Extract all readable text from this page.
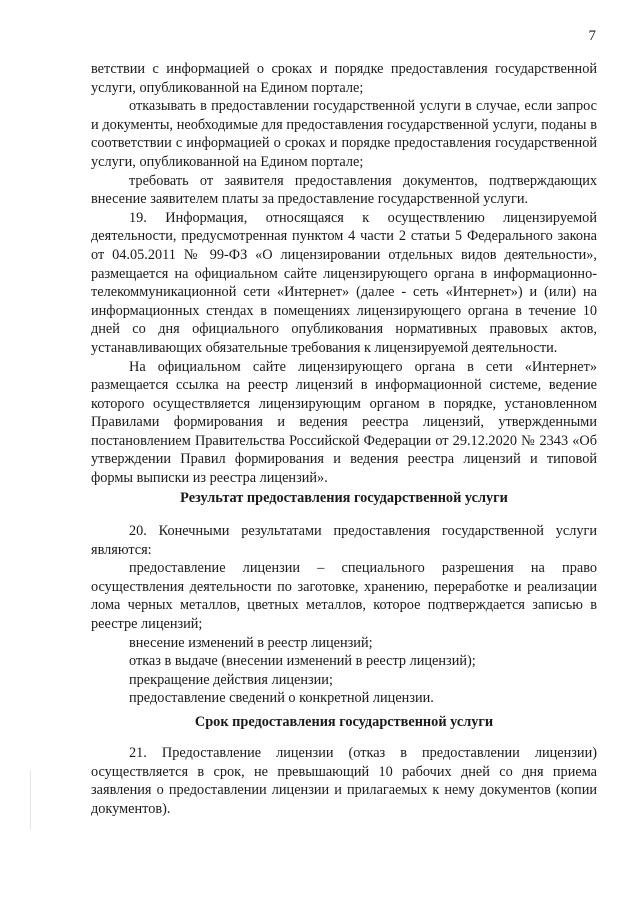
7

ветствии с информацией о сроках и порядке предоставления государственной услуги, опубликованной на Едином портале;

отказывать в предоставлении государственной услуги в случае, если запрос и документы, необходимые для предоставления государственной услуги, поданы в соответствии с информацией о сроках и порядке предоставления государственной услуги, опубликованной на Едином портале;

требовать от заявителя предоставления документов, подтверждающих внесение заявителем платы за предоставление государственной услуги.

19. Информация, относящаяся к осуществлению лицензируемой деятельности, предусмотренная пунктом 4 части 2 статьи 5 Федерального закона от 04.05.2011 № 99-ФЗ «О лицензировании отдельных видов деятельности», размещается на официальном сайте лицензирующего органа в информационно-телекоммуникационной сети «Интернет» (далее - сеть «Интернет») и (или) на информационных стендах в помещениях лицензирующего органа в течение 10 дней со дня официального опубликования нормативных правовых актов, устанавливающих обязательные требования к лицензируемой деятельности.

На официальном сайте лицензирующего органа в сети «Интернет» размещается ссылка на реестр лицензий в информационной системе, ведение которого осуществляется лицензирующим органом в порядке, установленном Правилами формирования и ведения реестра лицензий, утвержденными постановлением Правительства Российской Федерации от 29.12.2020 № 2343 «Об утверждении Правил формирования и ведения реестра лицензий и типовой формы выписки из реестра лицензий».

Результат предоставления государственной услуги

20. Конечными результатами предоставления государственной услуги являются:

предоставление лицензии – специального разрешения на право осуществления деятельности по заготовке, хранению, переработке и реализации лома черных металлов, цветных металлов, которое подтверждается записью в реестре лицензий;

внесение изменений в реестр лицензий;

отказ в выдаче (внесении изменений в реестр лицензий);

прекращение действия лицензии;

предоставление сведений о конкретной лицензии.

Срок предоставления государственной услуги

21. Предоставление лицензии (отказ в предоставлении лицензии) осуществляется в срок, не превышающий 10 рабочих дней со дня приема заявления о предоставлении лицензии и прилагаемых к нему документов (копии документов).
